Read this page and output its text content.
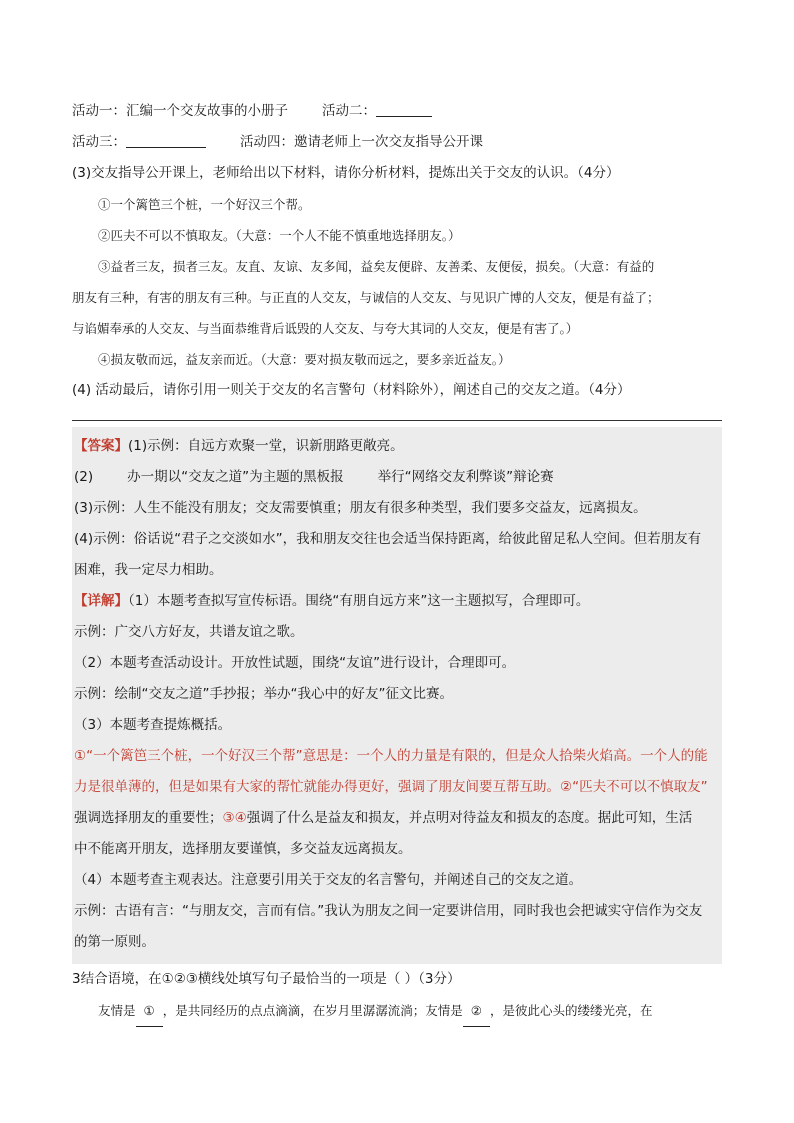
活动一：汇编一个交友故事的小册子	活动二：
活动三：	活动四：邀请老师上一次交友指导公开课
(3)交友指导公开课上，老师给出以下材料，请你分析材料，提炼出关于交友的认识。（4分）
①一个篱笆三个桩，一个好汉三个帮。
②匹夫不可以不慎取友。（大意：一个人不能不慎重地选择朋友。）
③益者三友，损者三友。友直、友谅、友多闻，益矣友便辟、友善柔、友便佞，损矣。（大意：有益的
朋友有三种，有害的朋友有三种。与正直的人交友，与诚信的人交友、与见识广博的人交友，便是有益了；
与谄媚奉承的人交友、与当面恭维背后诋毁的人交友、与夸大其词的人交友，便是有害了。）
④损友敬而远，益友亲而近。（大意：要对损友敬而远之，要多亲近益友。）
(4) 活动最后，请你引用一则关于交友的名言警句（材料除外），阐述自己的交友之道。（4分）
【答案】(1)示例：自远方欢聚一堂，识新朋路更敞亮。
(2)	办一期以“交友之道”为主题的黑板报	举行“网络交友利弊谈”辩论赛
(3)示例：人生不能没有朋友；交友需要慎重；朋友有很多种类型，我们要多交益友，远离损友。
(4)示例：俗话说“君子之交淡如水”，我和朋友交往也会适当保持距离，给彼此留足私人空间。但若朋友有
困难，我一定尽力相助。
【详解】（1）本题考查拟写宣传标语。围绕“有朋自远方来”这一主题拟写，合理即可。
示例：广交八方好友，共谱友谊之歌。
（2）本题考查活动设计。开放性试题，围绕“友谊”进行设计，合理即可。
示例：绘制“交友之道”手抄报；举办“我心中的好友”征文比赛。
（3）本题考查提炼概括。
①“一个篱笆三个桩，一个好汉三个帮”意思是：一个人的力量是有限的，但是众人拾柴火焰高。一个人的能
力是很单薄的，但是如果有大家的帮忙就能办得更好，强调了朋友间要互帮互助。②“匹夫不可以不慎取友”
强调选择朋友的重要性；③④强调了什么是益友和损友，并点明对待益友和损友的态度。据此可知，生活
中不能离开朋友，选择朋友要谨慎，多交益友远离损友。
（4）本题考查主观表达。注意要引用关于交友的名言警句，并阐述自己的交友之道。
示例：古语有言：“与朋友交，言而有信。”我认为朋友之间一定要讲信用，同时我也会把诚实守信作为交友
的第一原则。
3结合语境，在①②③横线处填写句子最恰当的一项是（ ）（3分）
友情是 ① ，是共同经历的点点滴滴，在岁月里潺潺流淌；友情是 ② ，是彼此心头的缕缕光亮，在
